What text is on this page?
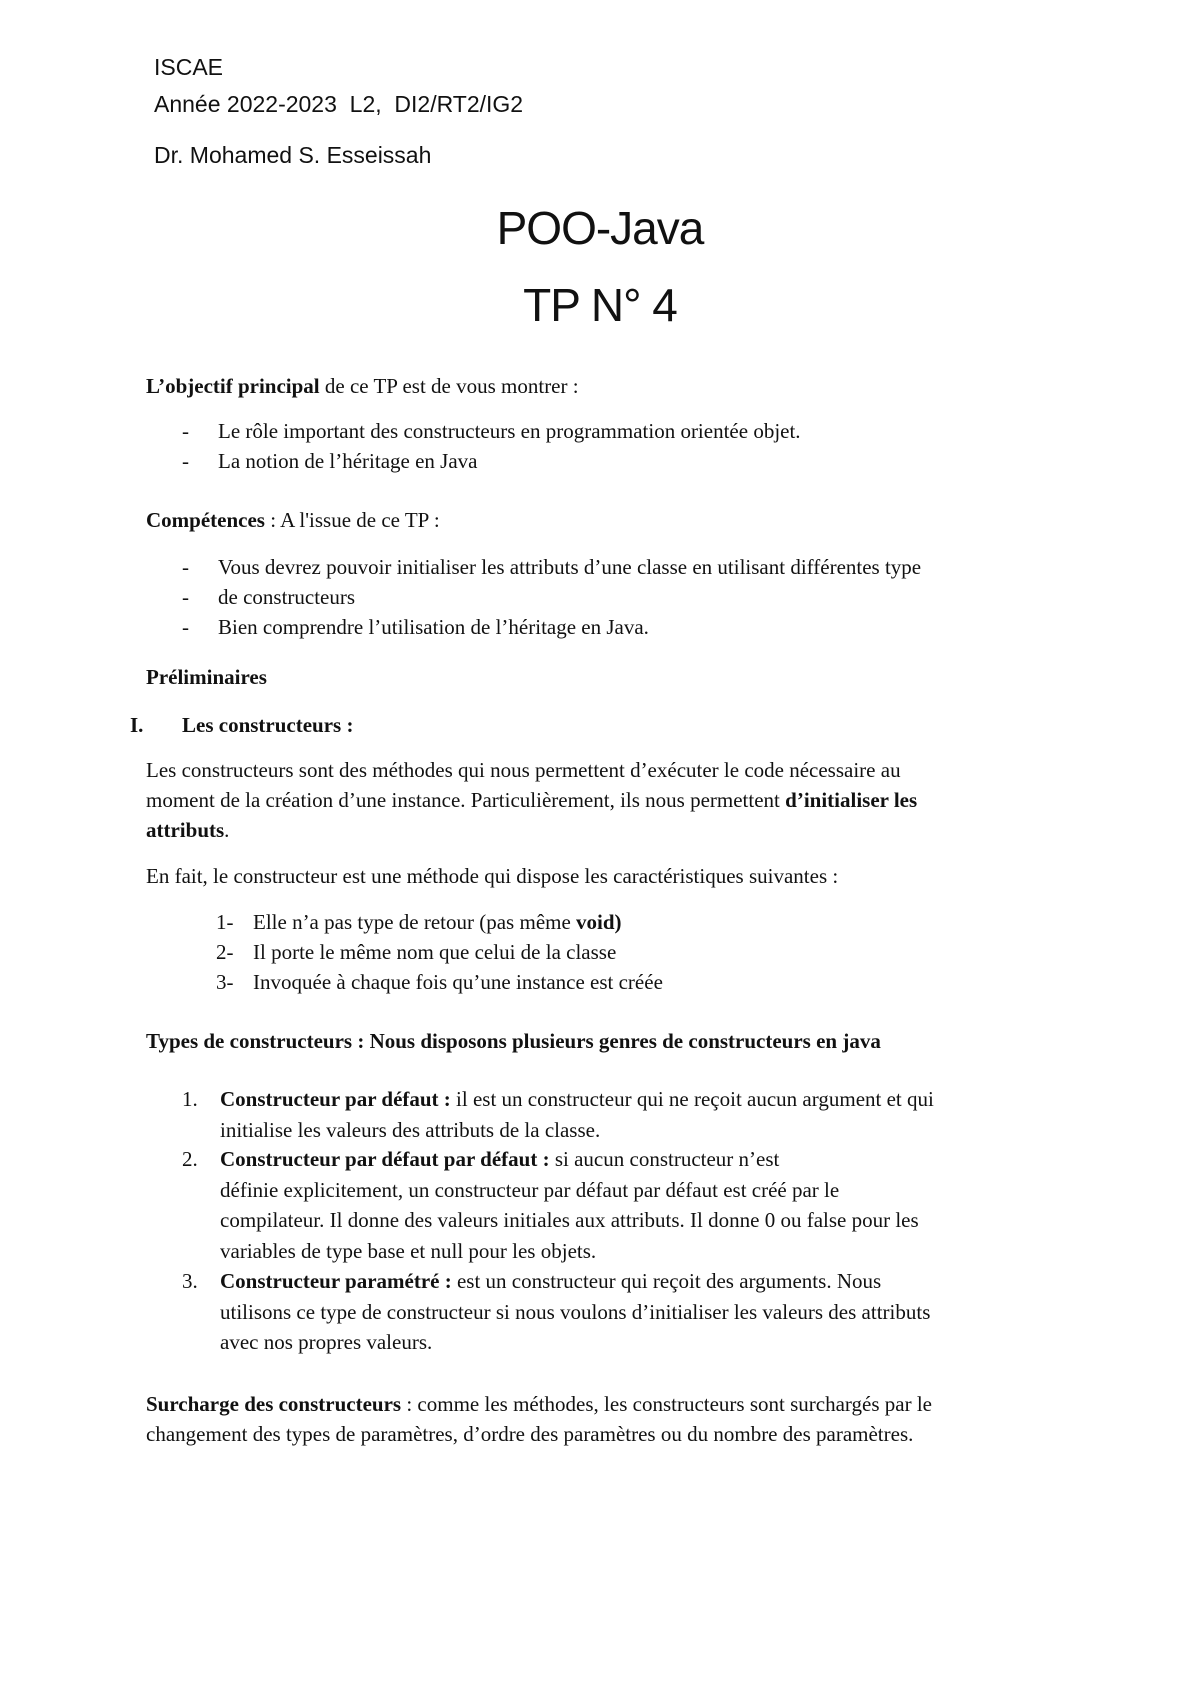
ISCAE
Année 2022-2023  L2,  DI2/RT2/IG2
Dr. Mohamed S. Esseissah
POO-Java
TP N° 4

L’objectif principal de ce TP est de vous montrer :

- Le rôle important des constructeurs en programmation orientée objet.
- La notion de l’héritage en Java

Compétences : A l'issue de ce TP :

- Vous devrez pouvoir initialiser les attributs d’une classe en utilisant différentes type
- de constructeurs
- Bien comprendre l’utilisation de l’héritage en Java.

Préliminaires

I. Les constructeurs :

Les constructeurs sont des méthodes qui nous permettent d’exécuter le code nécessaire au

moment de la création d’une instance. Particulièrement, ils nous permettent d’initialiser les

attributs.

En fait, le constructeur est une méthode qui dispose les caractéristiques suivantes :

1- Elle n’a pas type de retour (pas même void)
2- Il porte le même nom que celui de la classe
3- Invoquée à chaque fois qu’une instance est créée

Types de constructeurs : Nous disposons plusieurs genres de constructeurs en java

1. Constructeur par défaut : il est un constructeur qui ne reçoit aucun argument et qui
initialise les valeurs des attributs de la classe.
2. Constructeur par défaut par défaut : si aucun constructeur n’est
définie explicitement, un constructeur par défaut par défaut est créé par le
compilateur. Il donne des valeurs initiales aux attributs. Il donne 0 ou false pour les
variables de type base et null pour les objets.
3. Constructeur paramétré : est un constructeur qui reçoit des arguments. Nous
utilisons ce type de constructeur si nous voulons d’initialiser les valeurs des attributs
avec nos propres valeurs.

Surcharge des constructeurs : comme les méthodes, les constructeurs sont surchargés par le

changement des types de paramètres, d’ordre des paramètres ou du nombre des paramètres.
